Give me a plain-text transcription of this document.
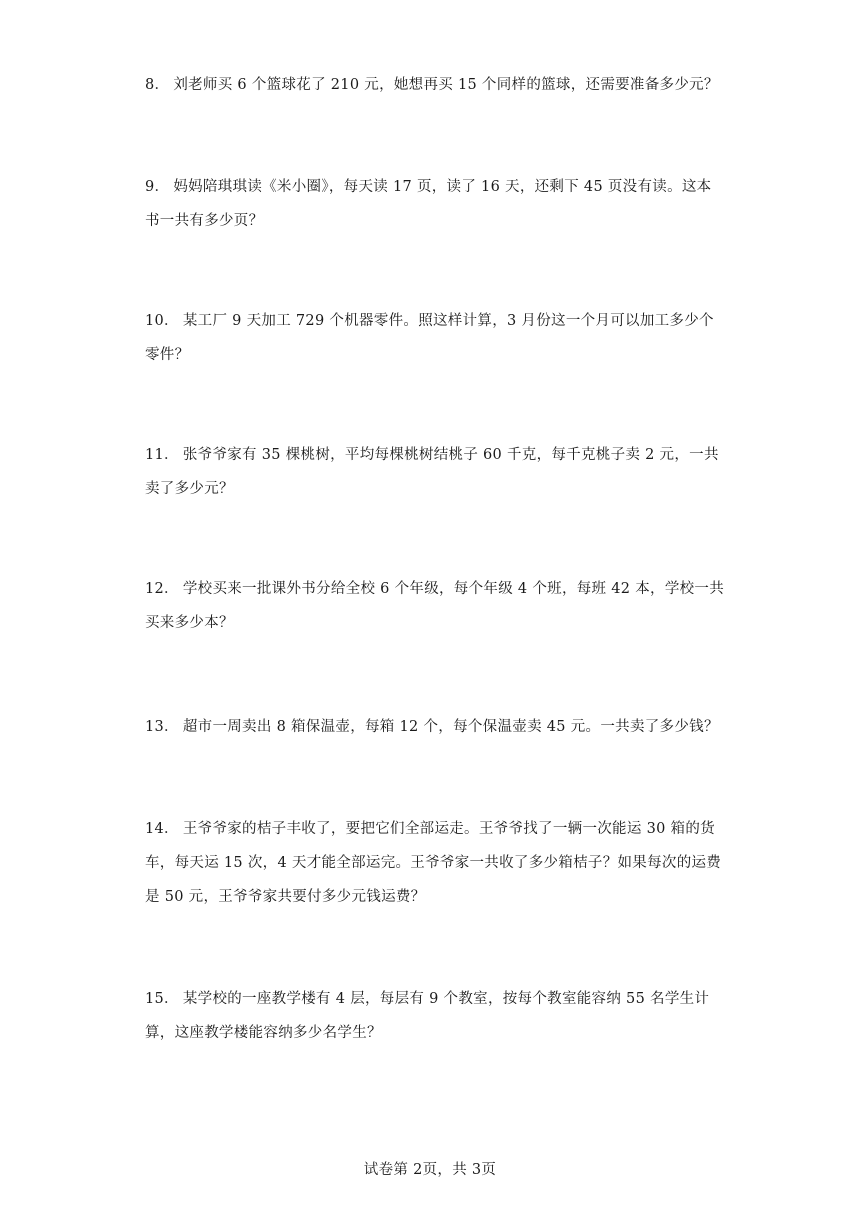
8． 刘老师买 6 个篮球花了 210 元，她想再买 15 个同样的篮球，还需要准备多少元？

9． 妈妈陪琪琪读《米小圈》，每天读 17 页，读了 16 天，还剩下 45 页没有读。这本书一共有多少页？

10． 某工厂 9 天加工 729 个机器零件。照这样计算，3 月份这一个月可以加工多少个零件？

11． 张爷爷家有 35 棵桃树，平均每棵桃树结桃子 60 千克，每千克桃子卖 2 元，一共卖了多少元？

12． 学校买来一批课外书分给全校 6 个年级，每个年级 4 个班，每班 42 本，学校一共买来多少本？

13． 超市一周卖出 8 箱保温壶，每箱 12 个，每个保温壶卖 45 元。一共卖了多少钱？

14． 王爷爷家的桔子丰收了，要把它们全部运走。王爷爷找了一辆一次能运 30 箱的货车，每天运 15 次，4 天才能全部运完。王爷爷家一共收了多少箱桔子？如果每次的运费是 50 元，王爷爷家共要付多少元钱运费？

15． 某学校的一座教学楼有 4 层，每层有 9 个教室，按每个教室能容纳 55 名学生计算，这座教学楼能容纳多少名学生？

试卷第 2页，共 3页
